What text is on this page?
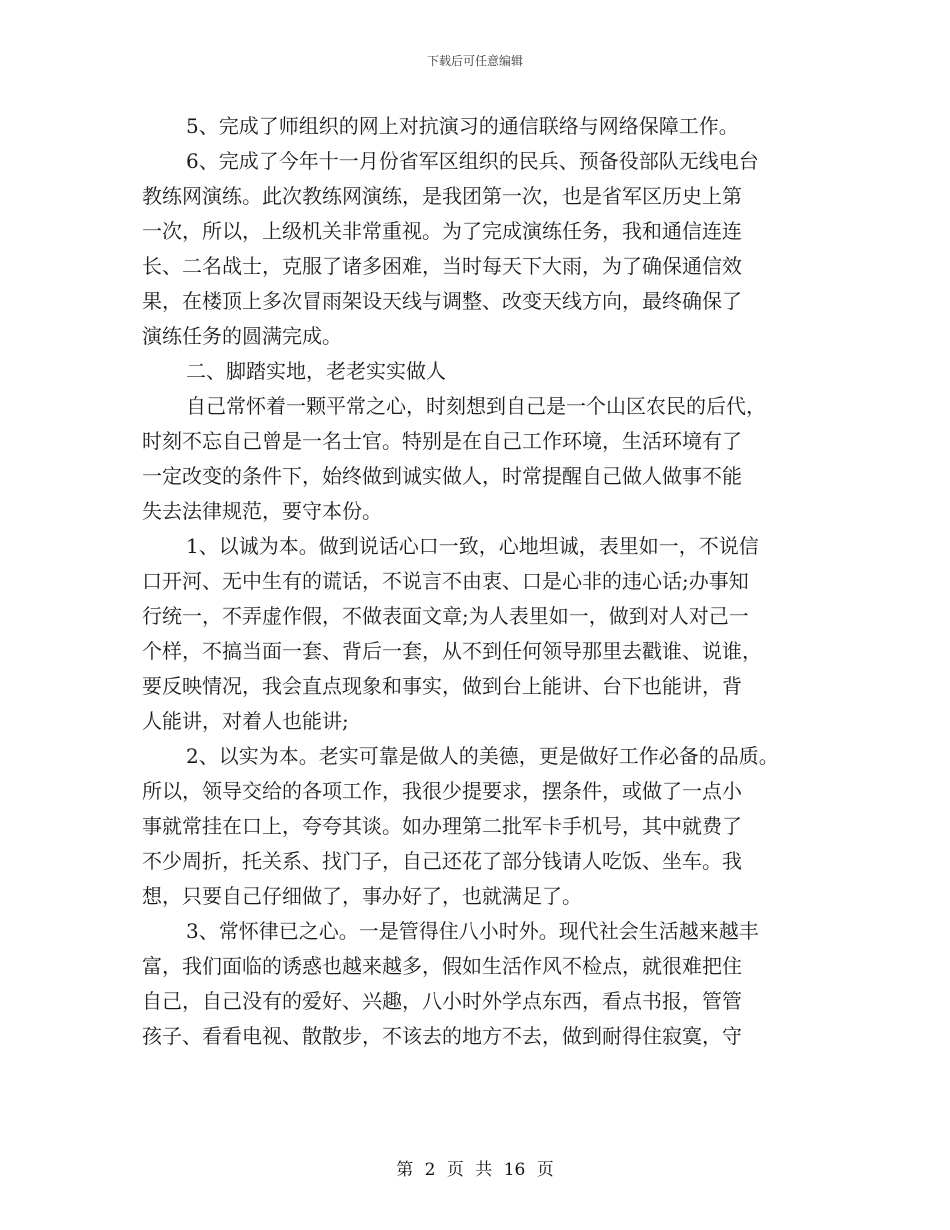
下载后可任意编辑
5、完成了师组织的网上对抗演习的通信联络与网络保障工作。
6、完成了今年十一月份省军区组织的民兵、预备役部队无线电台
教练网演练。此次教练网演练，是我团第一次，也是省军区历史上第
一次，所以，上级机关非常重视。为了完成演练任务，我和通信连连
长、二名战士，克服了诸多困难，当时每天下大雨，为了确保通信效
果，在楼顶上多次冒雨架设天线与调整、改变天线方向，最终确保了
演练任务的圆满完成。
二、脚踏实地，老老实实做人
自己常怀着一颗平常之心，时刻想到自己是一个山区农民的后代，
时刻不忘自己曾是一名士官。特别是在自己工作环境，生活环境有了
一定改变的条件下，始终做到诚实做人，时常提醒自己做人做事不能
失去法律规范，要守本份。
1、以诚为本。做到说话心口一致，心地坦诚，表里如一，不说信
口开河、无中生有的谎话，不说言不由衷、口是心非的违心话;办事知
行统一，不弄虚作假，不做表面文章;为人表里如一，做到对人对己一
个样，不搞当面一套、背后一套，从不到任何领导那里去戳谁、说谁，
要反映情况，我会直点现象和事实，做到台上能讲、台下也能讲，背
人能讲，对着人也能讲;
2、以实为本。老实可靠是做人的美德，更是做好工作必备的品质。
所以，领导交给的各项工作，我很少提要求，摆条件，或做了一点小
事就常挂在口上，夸夸其谈。如办理第二批军卡手机号，其中就费了
不少周折，托关系、找门子，自己还花了部分钱请人吃饭、坐车。我
想，只要自己仔细做了，事办好了，也就满足了。
3、常怀律已之心。一是管得住八小时外。现代社会生活越来越丰
富，我们面临的诱惑也越来越多，假如生活作风不检点，就很难把住
自己，自己没有的爱好、兴趣，八小时外学点东西，看点书报，管管
孩子、看看电视、散散步，不该去的地方不去，做到耐得住寂寞，守
第 2 页 共 16 页
